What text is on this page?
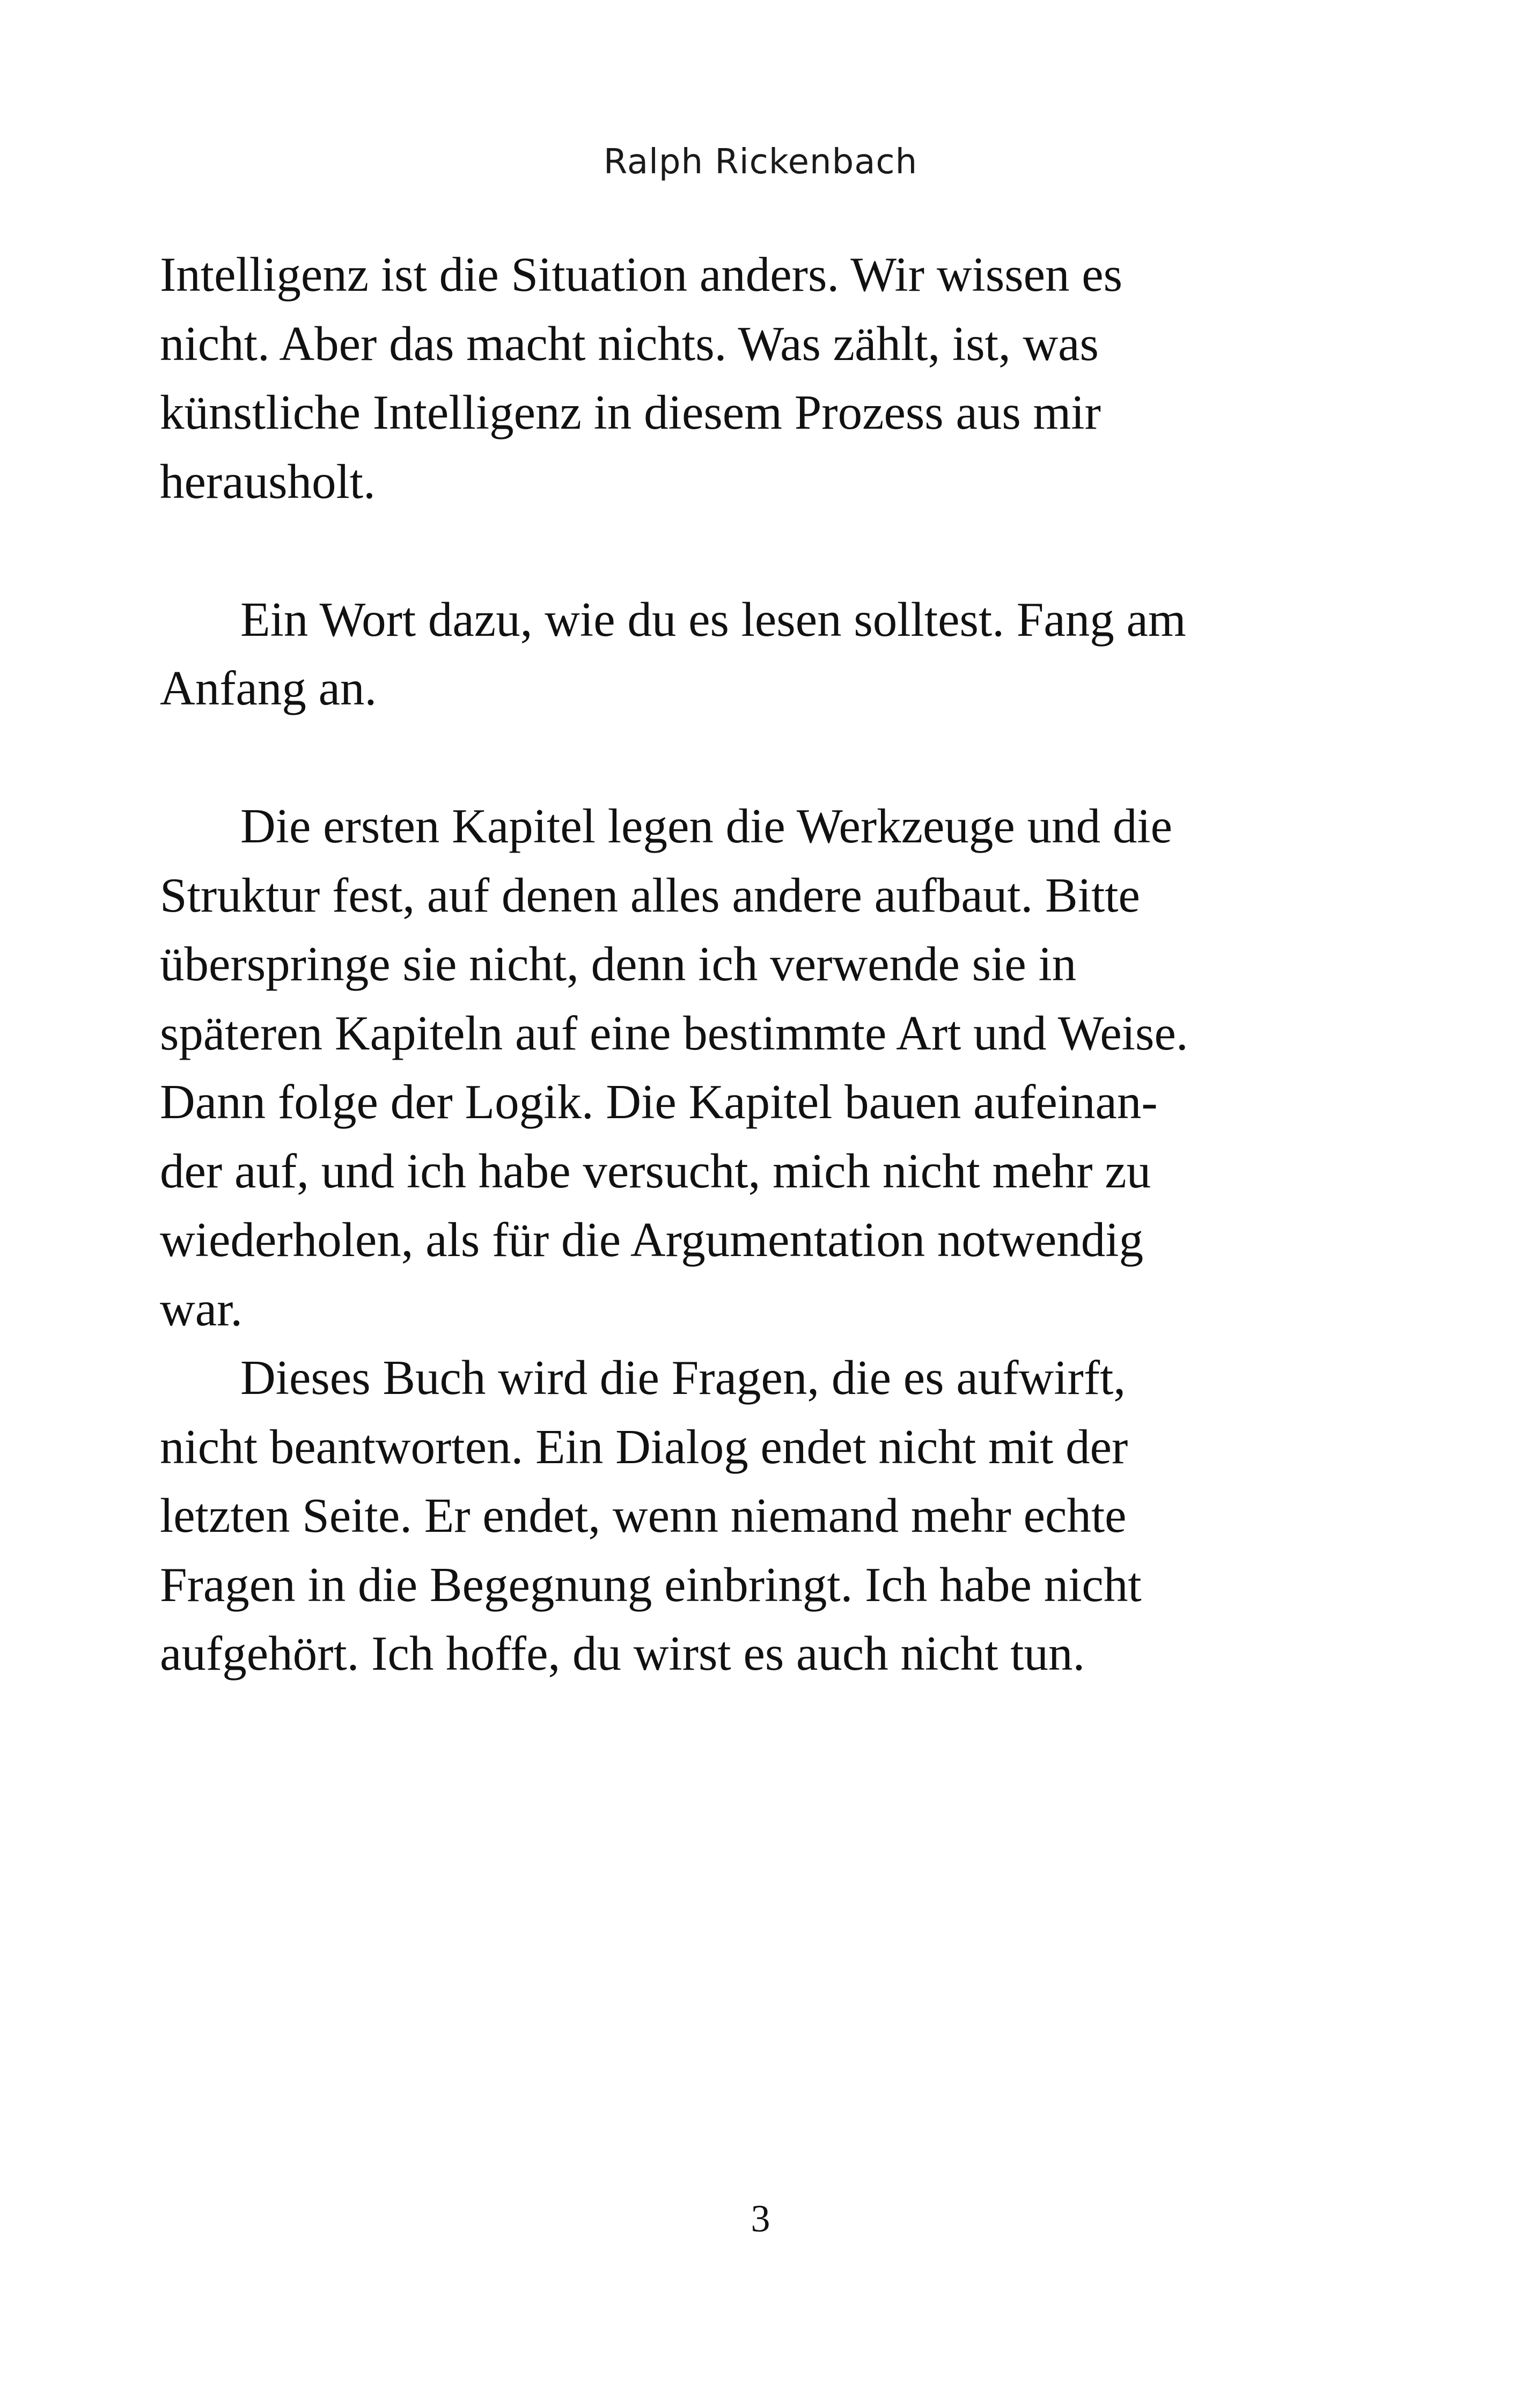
Ralph Rickenbach
Intelligenz ist die Situation anders. Wir wissen es
nicht. Aber das macht nichts. Was zählt, ist, was
künstliche Intelligenz in diesem Prozess aus mir
herausholt.
Ein Wort dazu, wie du es lesen solltest. Fang am
Anfang an.
Die ersten Kapitel legen die Werkzeuge und die
Struktur fest, auf denen alles andere aufbaut. Bitte
überspringe sie nicht, denn ich verwende sie in
späteren Kapiteln auf eine bestimmte Art und Weise.
Dann folge der Logik. Die Kapitel bauen aufeinan-
der auf, und ich habe versucht, mich nicht mehr zu
wiederholen, als für die Argumentation notwendig
war.
Dieses Buch wird die Fragen, die es aufwirft,
nicht beantworten. Ein Dialog endet nicht mit der
letzten Seite. Er endet, wenn niemand mehr echte
Fragen in die Begegnung einbringt. Ich habe nicht
aufgehört. Ich hoffe, du wirst es auch nicht tun.
3
